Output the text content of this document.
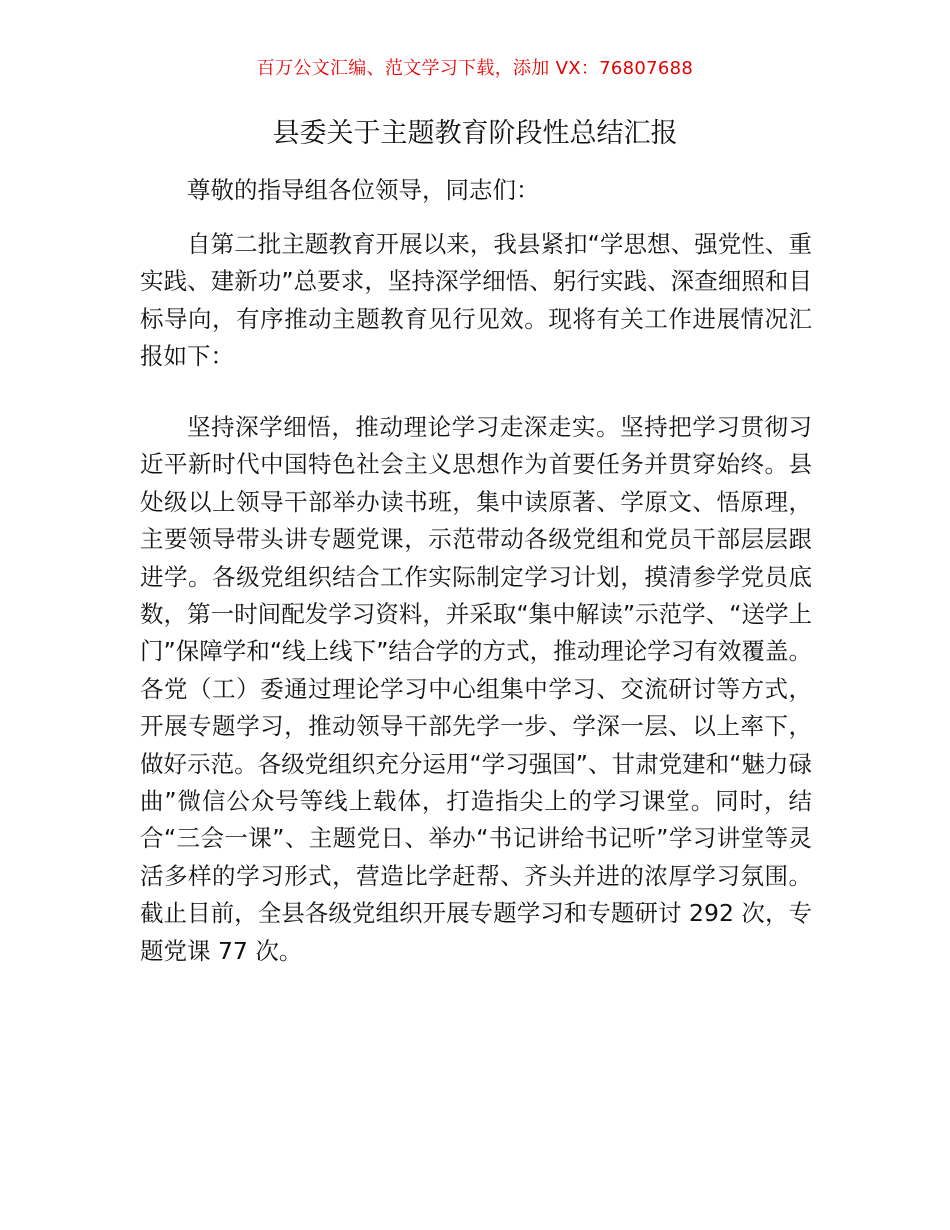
百万公文汇编、范文学习下载，添加 VX：76807688
县委关于主题教育阶段性总结汇报

尊敬的指导组各位领导，同志们：

自第二批主题教育开展以来，我县紧扣“学思想、强党性、重实践、建新功”总要求，坚持深学细悟、躬行实践、深查细照和目标导向，有序推动主题教育见行见效。现将有关工作进展情况汇报如下：

坚持深学细悟，推动理论学习走深走实。坚持把学习贯彻习近平新时代中国特色社会主义思想作为首要任务并贯穿始终。县处级以上领导干部举办读书班，集中读原著、学原文、悟原理，主要领导带头讲专题党课，示范带动各级党组和党员干部层层跟进学。各级党组织结合工作实际制定学习计划，摸清参学党员底数，第一时间配发学习资料，并采取“集中解读”示范学、“送学上门”保障学和“线上线下”结合学的方式，推动理论学习有效覆盖。各党（工）委通过理论学习中心组集中学习、交流研讨等方式，开展专题学习，推动领导干部先学一步、学深一层、以上率下，做好示范。各级党组织充分运用“学习强国”、甘肃党建和“魅力碌曲”微信公众号等线上载体，打造指尖上的学习课堂。同时，结合“三会一课”、主题党日、举办“书记讲给书记听”学习讲堂等灵活多样的学习形式，营造比学赶帮、齐头并进的浓厚学习氛围。截止目前，全县各级党组织开展专题学习和专题研讨 292 次，专题党课 77 次。
